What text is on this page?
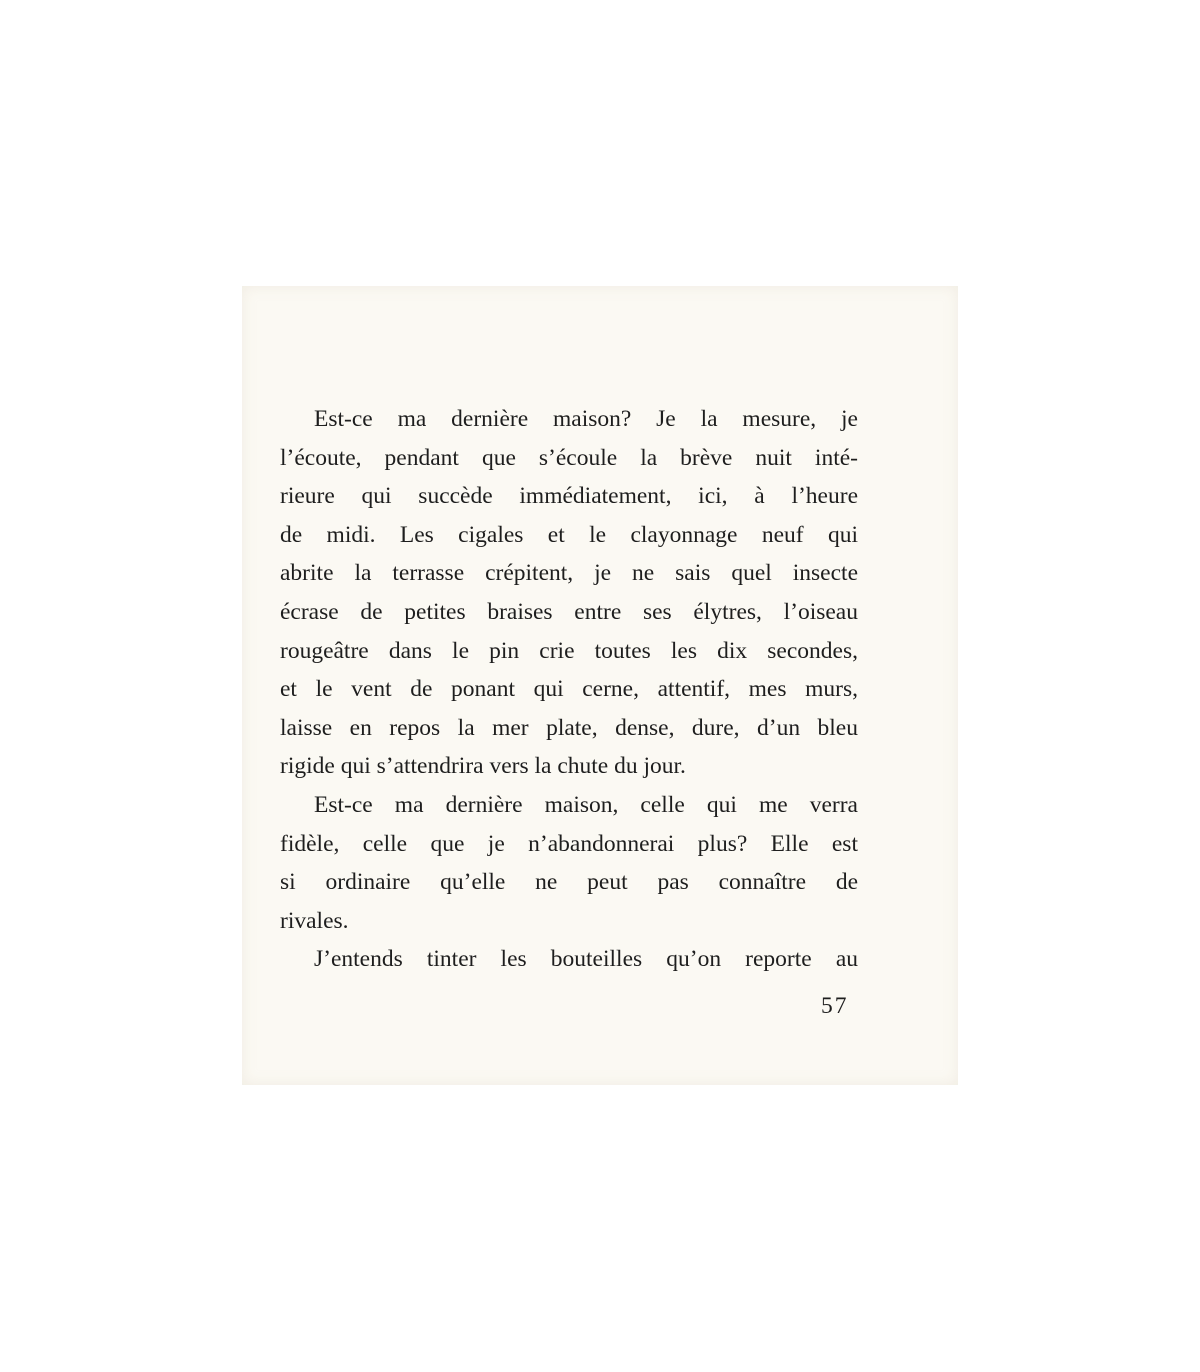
Est-ce ma dernière maison? Je la mesure, je
l’écoute, pendant que s’écoule la brève nuit inté-
rieure qui succède immédiatement, ici, à l’heure
de midi. Les cigales et le clayonnage neuf qui
abrite la terrasse crépitent, je ne sais quel insecte
écrase de petites braises entre ses élytres, l’oiseau
rougeâtre dans le pin crie toutes les dix secondes,
et le vent de ponant qui cerne, attentif, mes murs,
laisse en repos la mer plate, dense, dure, d’un bleu
rigide qui s’attendrira vers la chute du jour.
Est-ce ma dernière maison, celle qui me verra
fidèle, celle que je n’abandonnerai plus? Elle est
si ordinaire qu’elle ne peut pas connaître de
rivales.
J’entends tinter les bouteilles qu’on reporte au
57
